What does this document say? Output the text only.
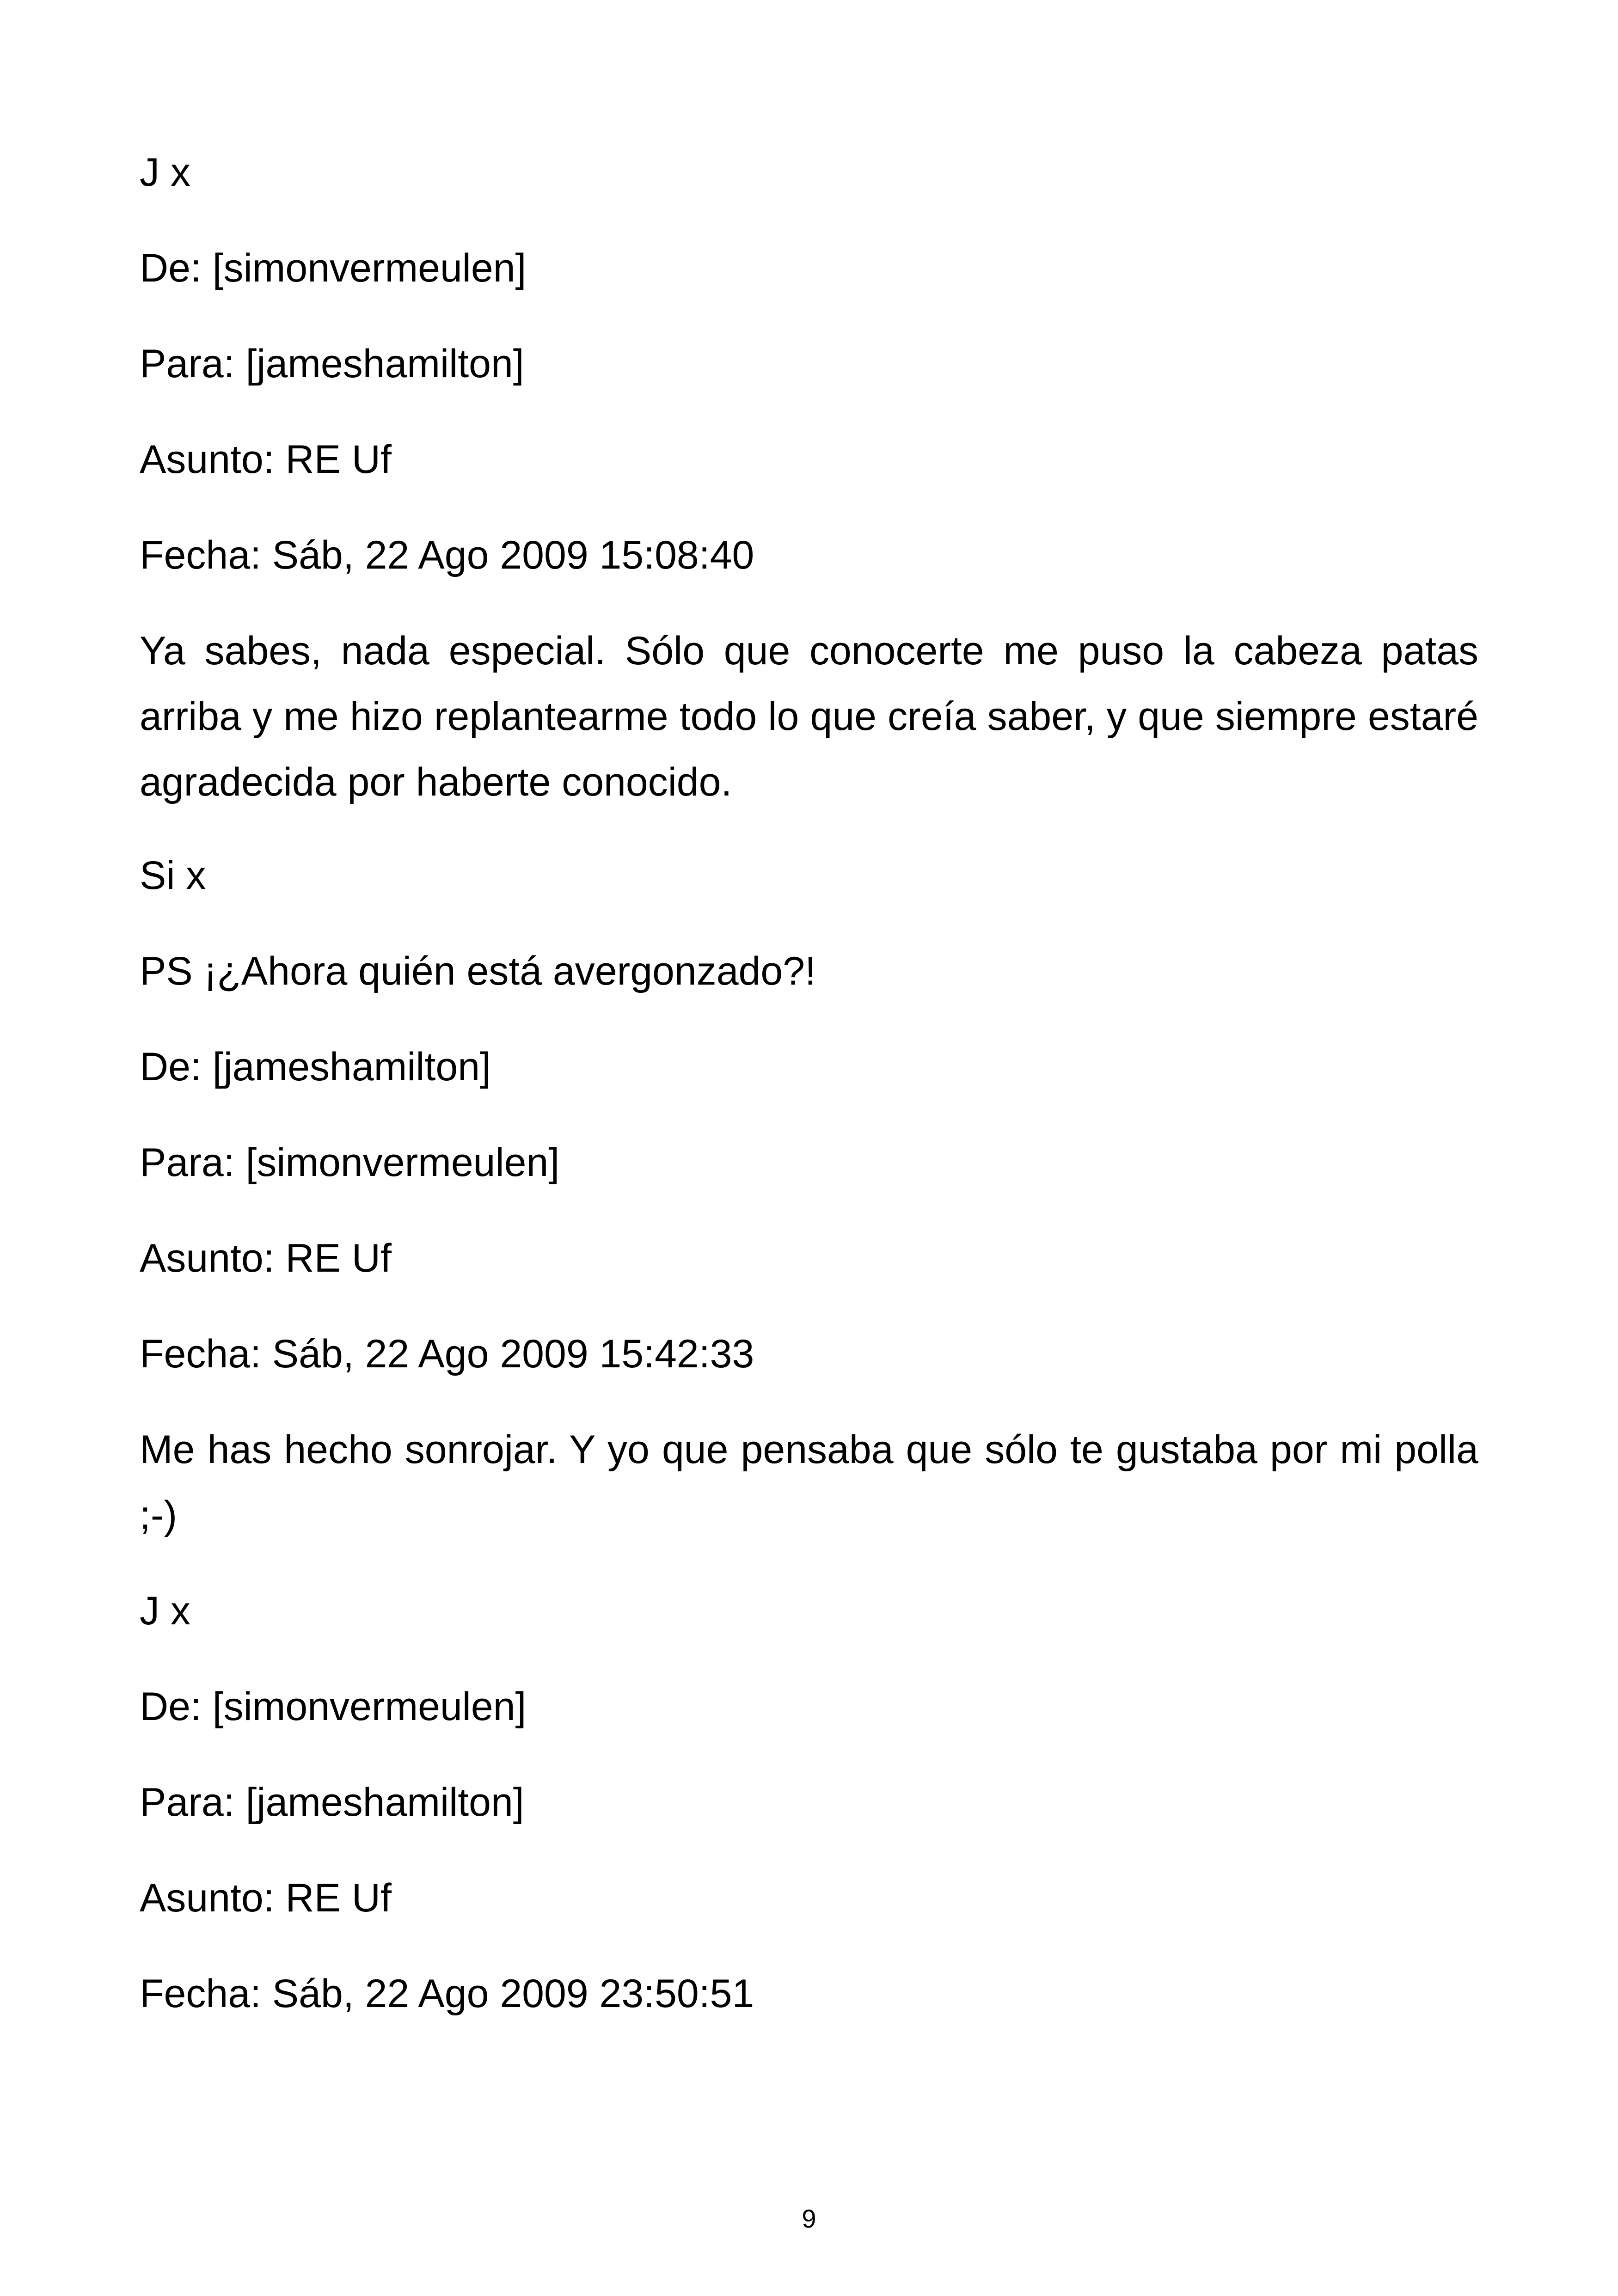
J x
De: [simonvermeulen]
Para: [jameshamilton]
Asunto: RE Uf
Fecha: Sáb, 22 Ago 2009 15:08:40
Ya sabes, nada especial. Sólo que conocerte me puso la cabeza patas arriba y me hizo replantearme todo lo que creía saber, y que siempre estaré agradecida por haberte conocido.
Si x
PS ¡¿Ahora quién está avergonzado?!
De: [jameshamilton]
Para: [simonvermeulen]
Asunto: RE Uf
Fecha: Sáb, 22 Ago 2009 15:42:33
Me has hecho sonrojar. Y yo que pensaba que sólo te gustaba por mi polla ;-)
J x
De: [simonvermeulen]
Para: [jameshamilton]
Asunto: RE Uf
Fecha: Sáb, 22 Ago 2009 23:50:51
9
